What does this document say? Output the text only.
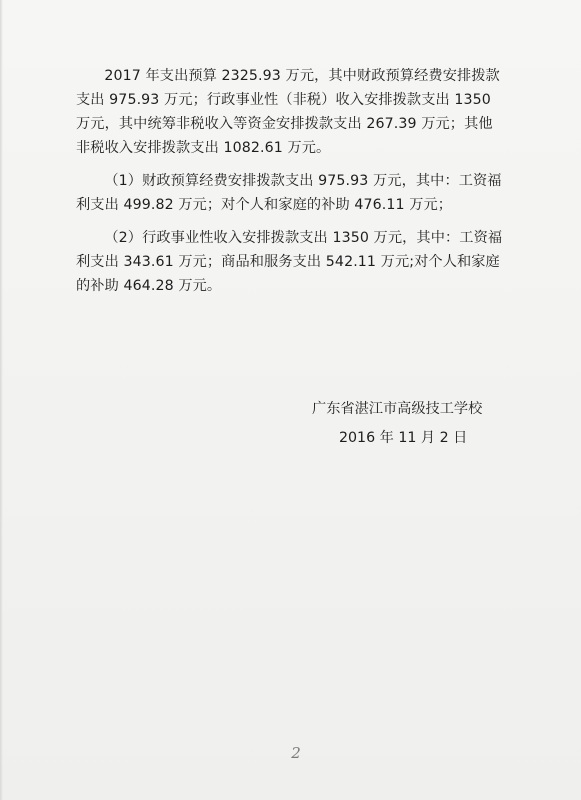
2017 年支出预算 2325.93 万元，其中财政预算经费安排拨款支出 975.93 万元；行政事业性（非税）收入安排拨款支出 1350 万元，其中统筹非税收入等资金安排拨款支出 267.39 万元；其他非税收入安排拨款支出 1082.61 万元。

（1）财政预算经费安排拨款支出 975.93 万元，其中：工资福利支出 499.82 万元；对个人和家庭的补助 476.11 万元；

（2）行政事业性收入安排拨款支出 1350 万元，其中：工资福利支出 343.61 万元；商品和服务支出 542.11 万元;对个人和家庭的补助 464.28 万元。

广东省湛江市高级技工学校
2016 年 11 月 2 日
2
